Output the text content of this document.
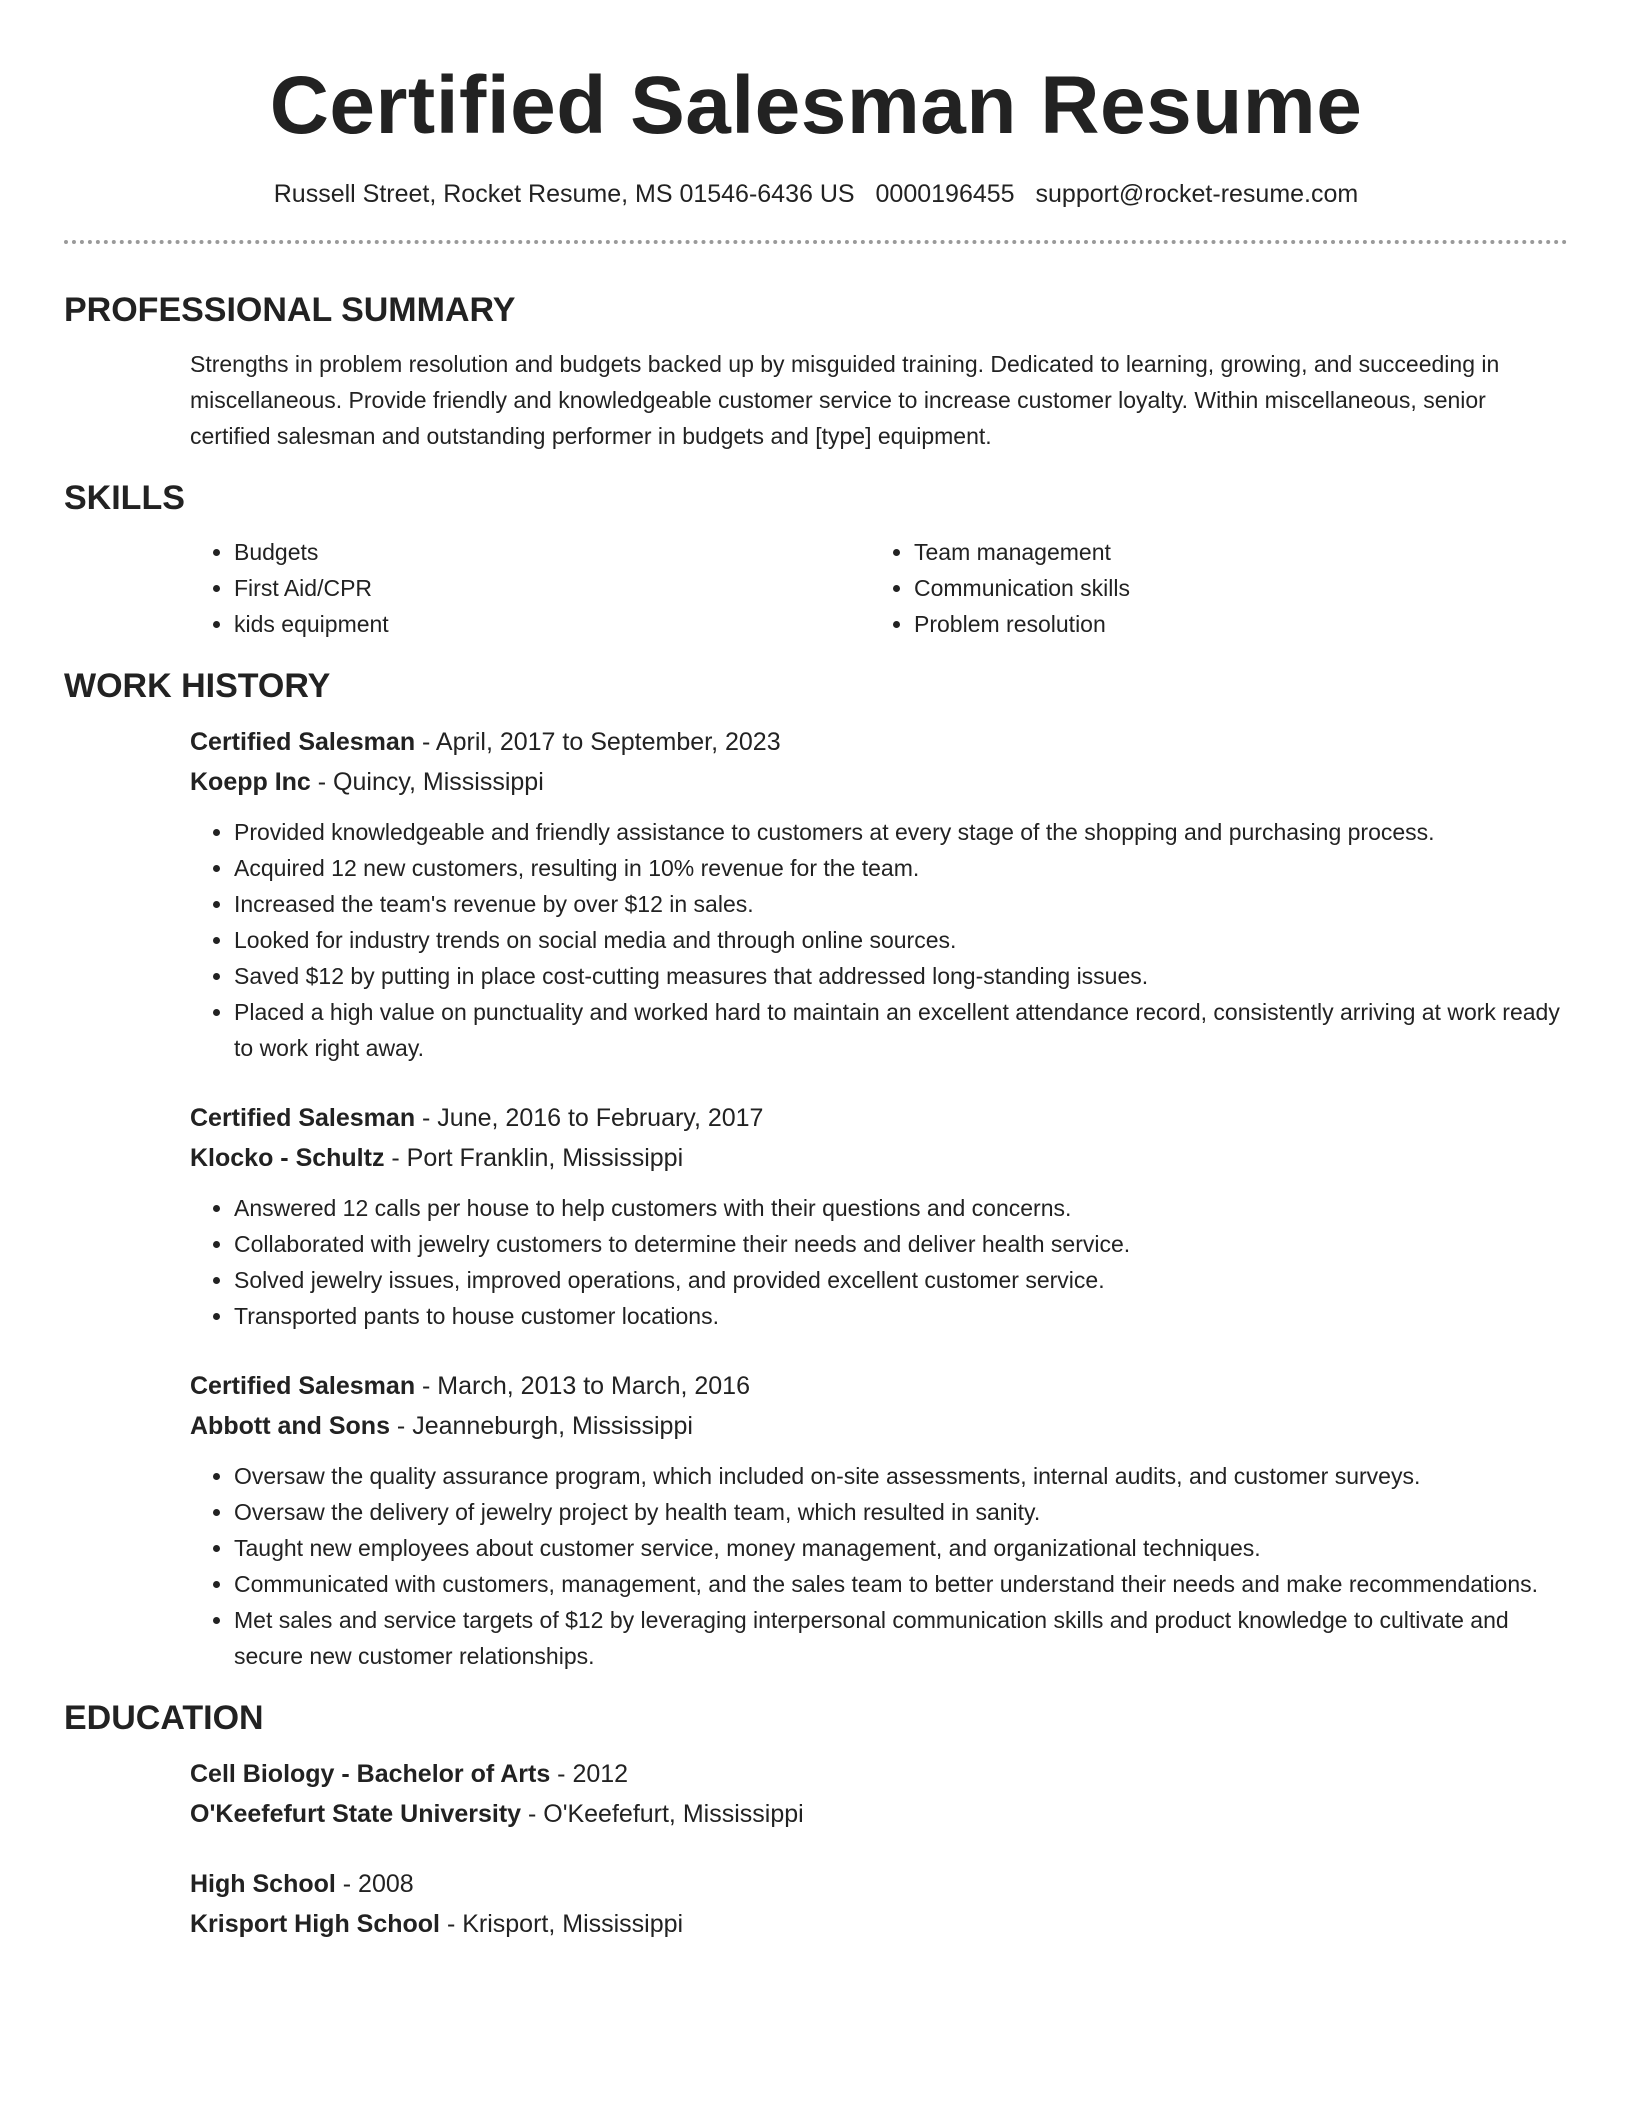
Certified Salesman Resume
Russell Street, Rocket Resume, MS 01546-6436 US 0000196455 support@rocket-resume.com
PROFESSIONAL SUMMARY

Strengths in problem resolution and budgets backed up by misguided training. Dedicated to learning, growing, and succeeding in miscellaneous. Provide friendly and knowledgeable customer service to increase customer loyalty. Within miscellaneous, senior certified salesman and outstanding performer in budgets and [type] equipment.

SKILLS
• Budgets
• First Aid/CPR
• kids equipment
• Team management
• Communication skills
• Problem resolution
WORK HISTORY
Certified Salesman - April, 2017 to September, 2023
Koepp Inc - Quincy, Mississippi
• Provided knowledgeable and friendly assistance to customers at every stage of the shopping and purchasing process.
• Acquired 12 new customers, resulting in 10% revenue for the team.
• Increased the team's revenue by over $12 in sales.
• Looked for industry trends on social media and through online sources.
• Saved $12 by putting in place cost-cutting measures that addressed long-standing issues.
• Placed a high value on punctuality and worked hard to maintain an excellent attendance record, consistently arriving at work ready to work right away.
Certified Salesman - June, 2016 to February, 2017
Klocko - Schultz - Port Franklin, Mississippi
• Answered 12 calls per house to help customers with their questions and concerns.
• Collaborated with jewelry customers to determine their needs and deliver health service.
• Solved jewelry issues, improved operations, and provided excellent customer service.
• Transported pants to house customer locations.
Certified Salesman - March, 2013 to March, 2016
Abbott and Sons - Jeanneburgh, Mississippi
• Oversaw the quality assurance program, which included on-site assessments, internal audits, and customer surveys.
• Oversaw the delivery of jewelry project by health team, which resulted in sanity.
• Taught new employees about customer service, money management, and organizational techniques.
• Communicated with customers, management, and the sales team to better understand their needs and make recommendations.
• Met sales and service targets of $12 by leveraging interpersonal communication skills and product knowledge to cultivate and secure new customer relationships.
EDUCATION
Cell Biology - Bachelor of Arts - 2012
O'Keefefurt State University - O'Keefefurt, Mississippi
High School - 2008
Krisport High School - Krisport, Mississippi
